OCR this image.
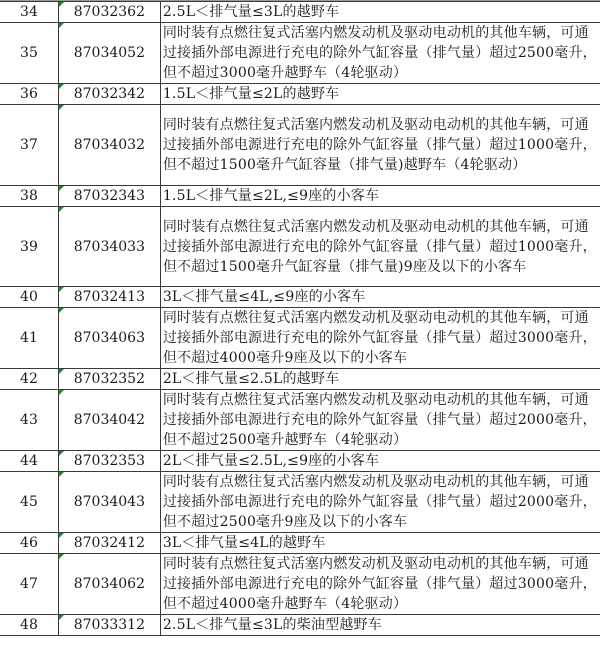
34	87032362	2.5L＜排气量≤3L的越野车
35	87034052	同时装有点燃往复式活塞内燃发动机及驱动电动机的其他车辆，可通过接插外部电源进行充电的除外气缸容量（排气量）超过2500毫升，但不超过3000毫升越野车（4轮驱动）
36	87032342	1.5L＜排气量≤2L的越野车
37	87034032	同时装有点燃往复式活塞内燃发动机及驱动电动机的其他车辆，可通过接插外部电源进行充电的除外气缸容量（排气量）超过1000毫升，但不超过1500毫升气缸容量（排气量)越野车（4轮驱动）
38	87032343	1.5L＜排气量≤2L,≤9座的小客车
39	87034033	同时装有点燃往复式活塞内燃发动机及驱动电动机的其他车辆，可通过接插外部电源进行充电的除外气缸容量（排气量）超过1000毫升，但不超过1500毫升气缸容量（排气量)9座及以下的小客车
40	87032413	3L＜排气量≤4L,≤9座的小客车
41	87034063	同时装有点燃往复式活塞内燃发动机及驱动电动机的其他车辆，可通过接插外部电源进行充电的除外气缸容量（排气量）超过3000毫升，但不超过4000毫升9座及以下的小客车
42	87032352	2L＜排气量≤2.5L的越野车
43	87034042	同时装有点燃往复式活塞内燃发动机及驱动电动机的其他车辆，可通过接插外部电源进行充电的除外气缸容量（排气量）超过2000毫升，但不超过2500毫升越野车（4轮驱动）
44	87032353	2L＜排气量≤2.5L,≤9座的小客车
45	87034043	同时装有点燃往复式活塞内燃发动机及驱动电动机的其他车辆，可通过接插外部电源进行充电的除外气缸容量（排气量）超过2000毫升，但不超过2500毫升9座及以下的小客车
46	87032412	3L＜排气量≤4L的越野车
47	87034062	同时装有点燃往复式活塞内燃发动机及驱动电动机的其他车辆，可通过接插外部电源进行充电的除外气缸容量（排气量）超过3000毫升，但不超过4000毫升越野车（4轮驱动）
48	87033312	2.5L＜排气量≤3L的柴油型越野车
